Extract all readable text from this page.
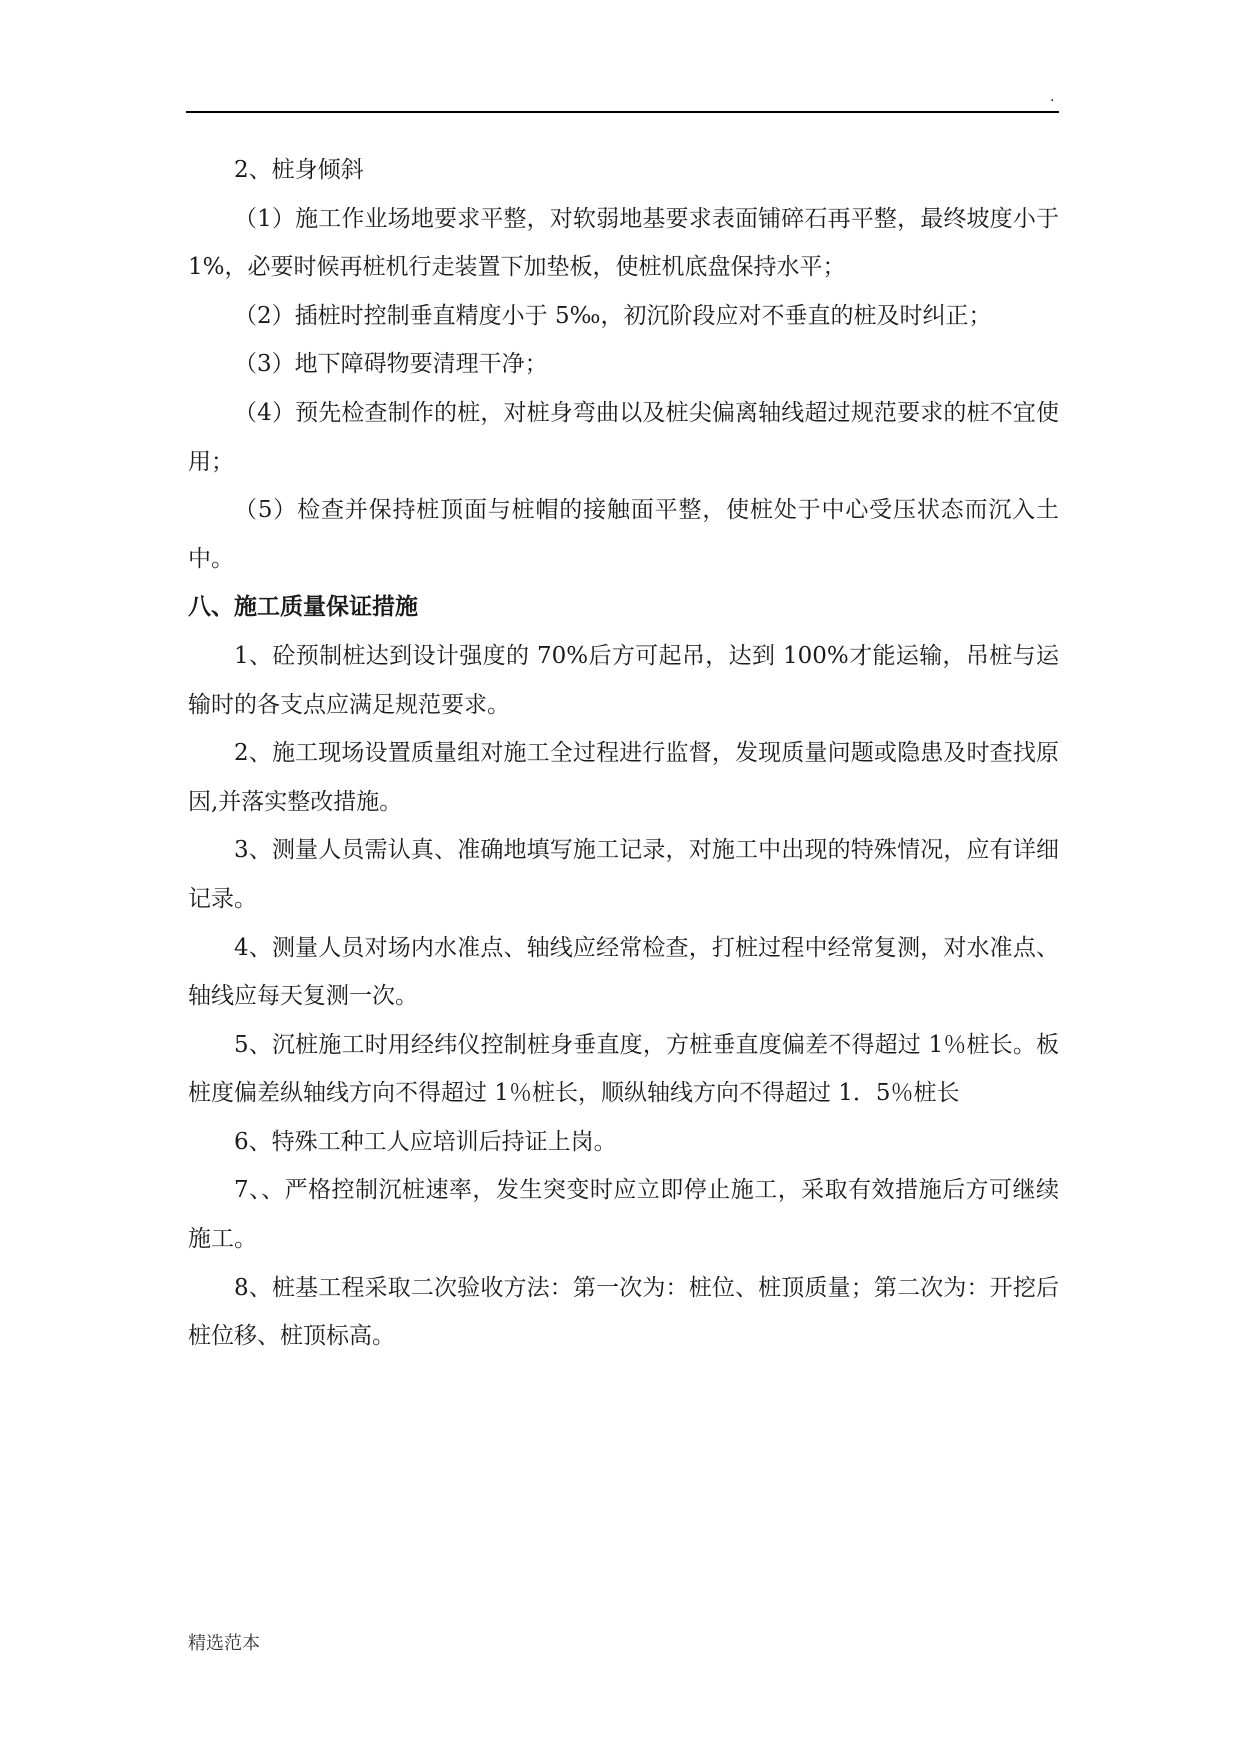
.

2、桩身倾斜

（1）施工作业场地要求平整，对软弱地基要求表面铺碎石再平整，最终坡度小于 1%，必要时候再桩机行走装置下加垫板，使桩机底盘保持水平；

（2）插桩时控制垂直精度小于 5‰，初沉阶段应对不垂直的桩及时纠正；

（3）地下障碍物要清理干净；

（4）预先检查制作的桩，对桩身弯曲以及桩尖偏离轴线超过规范要求的桩不宜使用；

（5）检查并保持桩顶面与桩帽的接触面平整，使桩处于中心受压状态而沉入土中。

八、施工质量保证措施

1、砼预制桩达到设计强度的 70%后方可起吊，达到 100%才能运输，吊桩与运输时的各支点应满足规范要求。

2、施工现场设置质量组对施工全过程进行监督，发现质量问题或隐患及时查找原因,并落实整改措施。

3、测量人员需认真、准确地填写施工记录，对施工中出现的特殊情况，应有详细记录。

4、测量人员对场内水准点、轴线应经常检查，打桩过程中经常复测，对水准点、轴线应每天复测一次。

5、沉桩施工时用经纬仪控制桩身垂直度，方桩垂直度偏差不得超过 1％桩长。板桩度偏差纵轴线方向不得超过 1％桩长，顺纵轴线方向不得超过 1．5％桩长

6、特殊工种工人应培训后持证上岗。

7、、严格控制沉桩速率，发生突变时应立即停止施工，采取有效措施后方可继续施工。

8、桩基工程采取二次验收方法：第一次为：桩位、桩顶质量；第二次为：开挖后桩位移、桩顶标高。

精选范本
